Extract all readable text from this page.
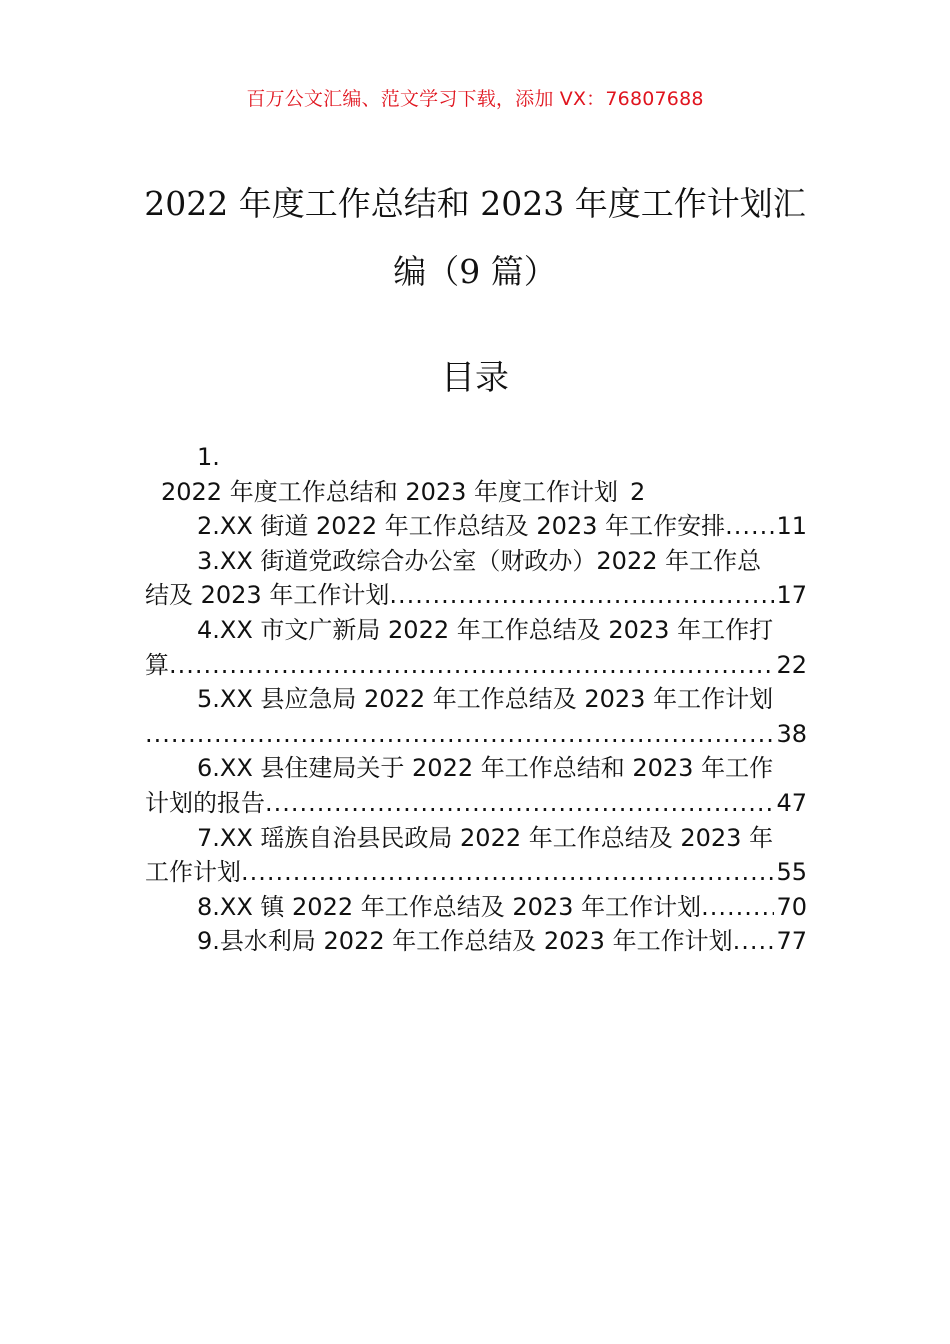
百万公文汇编、范文学习下载，添加 VX：76807688
2022 年度工作总结和 2023 年度工作计划汇
编（9 篇）
目录
1.
2022 年度工作总结和 2023 年度工作计划 2
2.XX 街道 2022 年工作总结及 2023 年工作安排 ..... 11
3.XX 街道党政综合办公室（财政办）2022 年工作总
结及 2023 年工作计划 .....	17
4.XX 市文广新局 2022 年工作总结及 2023 年工作打
算 .....	22
5.XX 县应急局 2022 年工作总结及 2023 年工作计划
.....
38
6.XX 县住建局关于 2022 年工作总结和 2023 年工作
计划的报告 .....	47
7.XX 瑶族自治县民政局 2022 年工作总结及 2023 年
工作计划 .....	55
8.XX 镇 2022 年工作总结及 2023 年工作计划 .....	70
9.县水利局 2022 年工作总结及 2023 年工作计划 ..... 77
